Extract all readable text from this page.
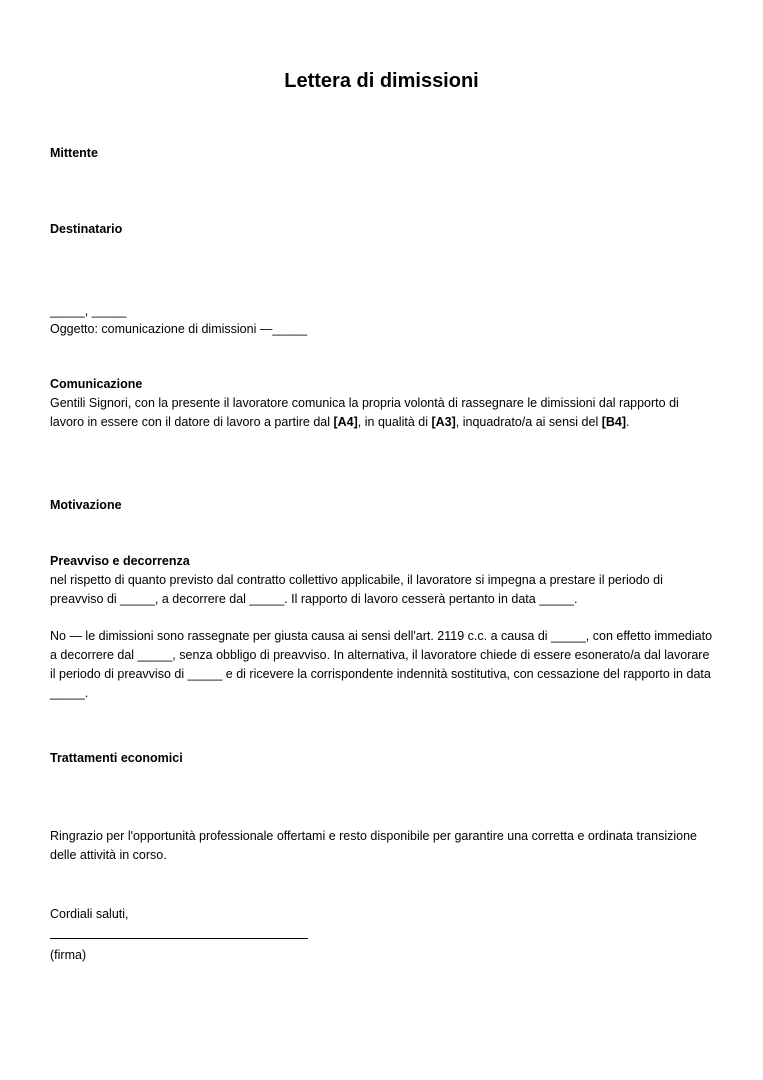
Lettera di dimissioni
Mittente
Destinatario
_____, _____
Oggetto: comunicazione di dimissioni —_____
Comunicazione

Gentili Signori, con la presente il lavoratore comunica la propria volontà di rassegnare le dimissioni dal rapporto di lavoro in essere con il datore di lavoro a partire dal [A4], in qualità di [A3], inquadrato/a ai sensi del [B4].

Motivazione
Preavviso e decorrenza

nel rispetto di quanto previsto dal contratto collettivo applicabile, il lavoratore si impegna a prestare il periodo di preavviso di _____, a decorrere dal _____. Il rapporto di lavoro cesserà pertanto in data _____.

No — le dimissioni sono rassegnate per giusta causa ai sensi dell'art. 2119 c.c. a causa di _____, con effetto immediato a decorrere dal _____, senza obbligo di preavviso. In alternativa, il lavoratore chiede di essere esonerato/a dal lavorare il periodo di preavviso di _____ e di ricevere la corrispondente indennità sostitutiva, con cessazione del rapporto in data _____.

Trattamenti economici

Ringrazio per l'opportunità professionale offertami e resto disponibile per garantire una corretta e ordinata transizione delle attività in corso.

Cordiali saluti,
(firma)
